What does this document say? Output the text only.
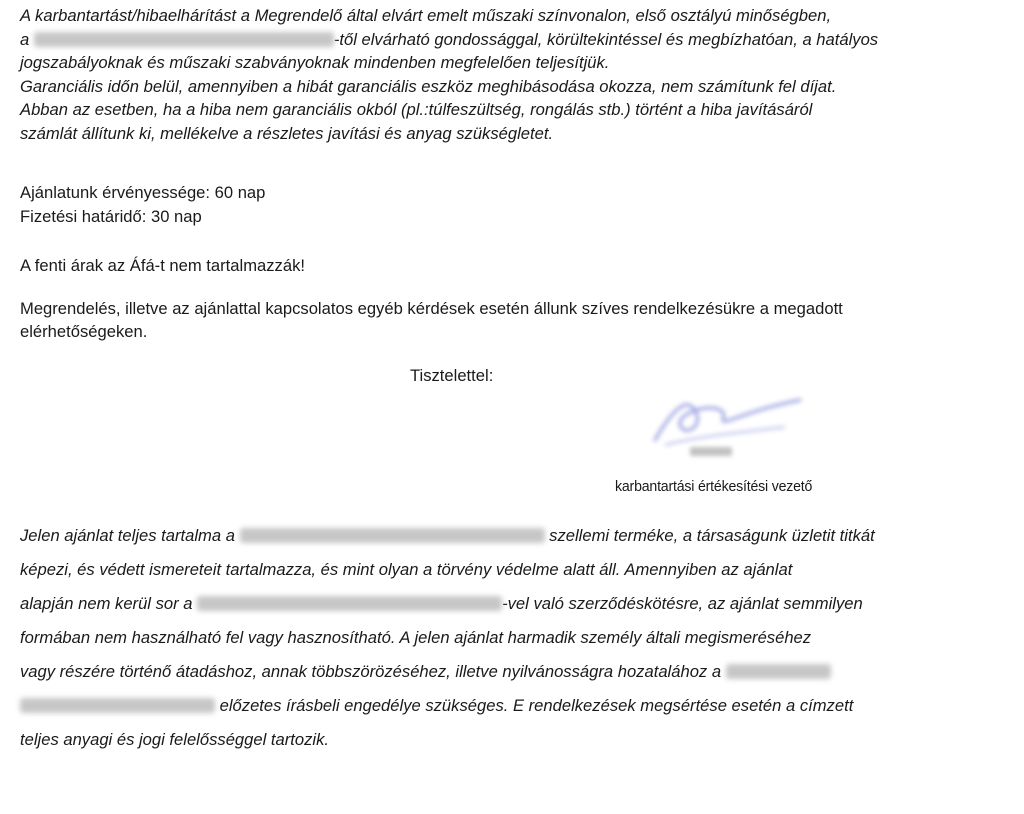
A karbantartást/hibaelhárítást a Megrendelő által elvárt emelt műszaki színvonalon, első osztályú minőségben,
a	-től elvárható gondossággal, körültekintéssel és megbízhatóan, a hatályos
jogszabályoknak és műszaki szabványoknak mindenben megfelelően teljesítjük.
Garanciális időn belül, amennyiben a hibát garanciális eszköz meghibásodása okozza, nem számítunk fel díjat.
Abban az esetben, ha a hiba nem garanciális okból (pl.:túlfeszültség, rongálás stb.) történt a hiba javításáról
számlát állítunk ki, mellékelve a részletes javítási és anyag szükségletet.

Ajánlatunk érvényessége: 60 nap

Fizetési határidő: 30 nap

A fenti árak az Áfá-t nem tartalmazzák!

Megrendelés, illetve az ajánlattal kapcsolatos egyéb kérdések esetén állunk szíves rendelkezésükre a megadott
elérhetőségeken.

Tisztelettel:
karbantartási értékesítési vezető

Jelen ajánlat teljes tartalma a	szellemi terméke, a társaságunk üzletit titkát
képezi, és védett ismereteit tartalmazza, és mint olyan a törvény védelme alatt áll. Amennyiben az ajánlat
alapján nem kerül sor a	-vel való szerződéskötésre, az ajánlat semmilyen
formában nem használható fel vagy hasznosítható. A jelen ajánlat harmadik személy általi megismeréséhez
vagy részére történő átadáshoz, annak többszörözéséhez, illetve nyilvánosságra hozatalához a
előzetes írásbeli engedélye szükséges. E rendelkezések megsértése esetén a címzett
teljes anyagi és jogi felelősséggel tartozik.
